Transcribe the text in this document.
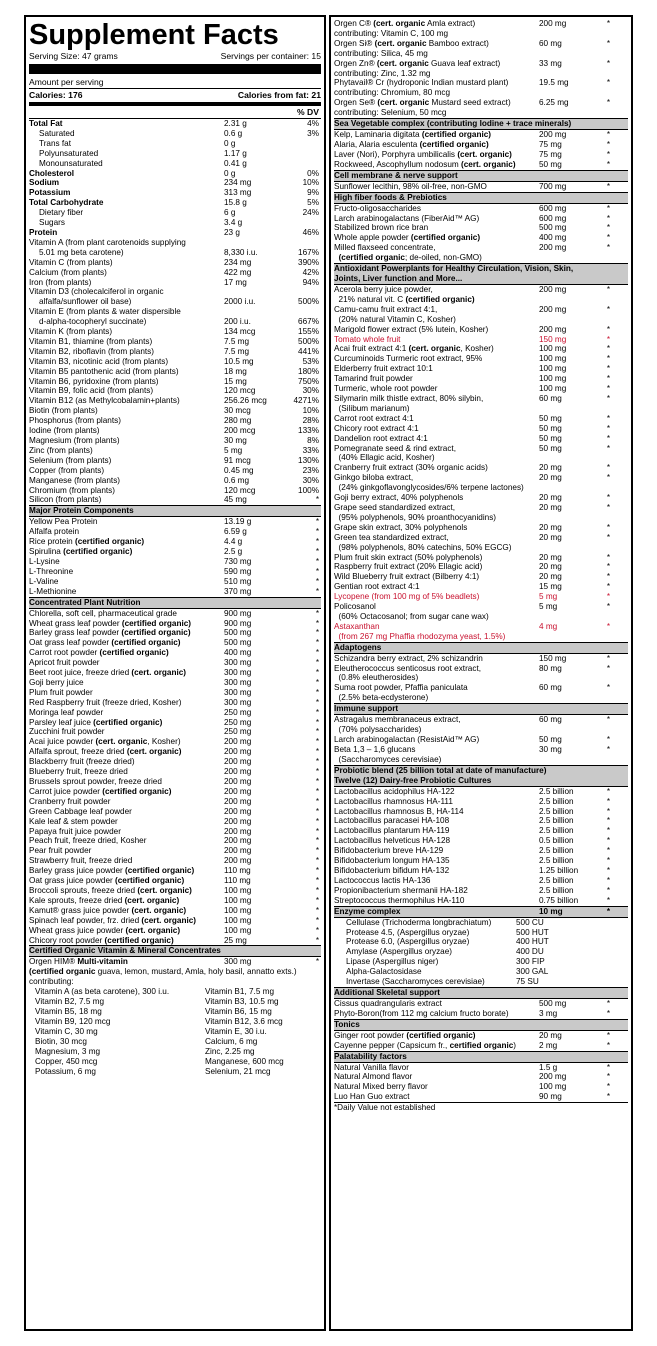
Supplement Facts
Serving Size: 47 grams	Servings per container: 15
Amount per serving
Calories: 176	Calories from fat: 21
% DV
Total Fat	2.31 g	4%
Saturated	0.6 g	3%
Trans fat	0 g
Polyunsaturated	1.17 g
Monounsaturated	0.41 g
Cholesterol	0 g	0%
Sodium	234 mg	10%
Potassium	313 mg	9%
Total Carbohydrate	15.8 g	5%
Dietary fiber	6 g	24%
Sugars	3.4 g
Protein	23 g	46%
Vitamin A (from plant carotenoids supplying
5.01 mg beta carotene)	8,330 i.u.	167%
Vitamin C (from plants)	234 mg	390%
Calcium (from plants)	422 mg	42%
Iron (from plants)	17 mg	94%
Vitamin D3 (cholecalciferol in organic
alfalfa/sunflower oil base)	2000 i.u.	500%
Vitamin E (from plants & water dispersible
d-alpha-tocopheryl succinate)	200 i.u.	667%
Vitamin K (from plants)	134 mcg	155%
Vitamin B1, thiamine (from plants)	7.5 mg	500%
Vitamin B2, riboflavin (from plants)	7.5 mg	441%
Vitamin B3, nicotinic acid (from plants)	10.5 mg	53%
Vitamin B5 pantothenic acid (from plants)	18 mg	180%
Vitamin B6, pyridoxine (from plants)	15 mg	750%
Vitamin B9, folic acid (from plants)	120 mcg	30%
Vitamin B12 (as Methylcobalamin+plants)	256.26 mcg	4271%
Biotin (from plants)	30 mcg	10%
Phosphorus (from plants)	280 mg	28%
Iodine (from plants)	200 mcg	133%
Magnesium (from plants)	30 mg	8%
Zinc (from plants)	5 mg	33%
Selenium (from plants)	91 mcg	130%
Copper (from plants)	0.45 mg	23%
Manganese (from plants)	0.6 mg	30%
Chromium (from plants)	120 mcg	100%
Silicon (from plants)	45 mg	*
Major Protein Components
Yellow Pea Protein	13.19 g	*
Alfalfa protein	6.59 g	*
Rice protein (certified organic)	4.4 g	*
Spirulina (certified organic)	2.5 g	*
L-Lysine	730 mg	*
L-Threonine	590 mg	*
L-Valine	510 mg	*
L-Methionine	370 mg	*
Concentrated Plant Nutrition
Chlorella, soft cell, pharmaceutical grade	900 mg	*
Wheat grass leaf powder (certified organic)	900 mg	*
Barley grass leaf powder (certified organic)	500 mg	*
Oat grass leaf powder (certified organic)	500 mg	*
Carrot root powder (certified organic)	400 mg	*
Apricot fruit powder	300 mg	*
Beet root juice, freeze dried (cert. organic)	300 mg	*
Goji berry juice	300 mg	*
Plum fruit powder	300 mg	*
Red Raspberry fruit (freeze dried, Kosher)	300 mg	*
Moringa leaf powder	250 mg	*
Parsley leaf juice (certified organic)	250 mg	*
Zucchini fruit powder	250 mg	*
Acai juice powder (cert. organic, Kosher)	200 mg	*
Alfalfa sprout, freeze dried (cert. organic)	200 mg	*
Blackberry fruit (freeze dried)	200 mg	*
Blueberry fruit, freeze dried	200 mg	*
Brussels sprout powder, freeze dried	200 mg	*
Carrot juice powder (certified organic)	200 mg	*
Cranberry fruit powder	200 mg	*
Green Cabbage leaf powder	200 mg	*
Kale leaf & stem powder	200 mg	*
Papaya fruit juice powder	200 mg	*
Peach fruit, freeze dried, Kosher	200 mg	*
Pear fruit powder	200 mg	*
Strawberry fruit, freeze dried	200 mg	*
Barley grass juice powder (certified organic)	110 mg	*
Oat grass juice powder (certified organic)	110 mg	*
Broccoli sprouts, freeze dried (cert. organic)	100 mg	*
Kale sprouts, freeze dried (cert. organic)	100 mg	*
Kamut® grass juice powder (cert. organic)	100 mg	*
Spinach leaf powder, frz. dried (cert. organic)	100 mg	*
Wheat grass juice powder (cert. organic)	100 mg	*
Chicory root powder (certified organic)	25 mg	*
Certified Organic Vitamin & Mineral Concentrates
Orgen HIM® Multi-vitamin	300 mg	*
(certified organic guava, lemon, mustard, Amla, holy basil, annatto exts.)
contributing:
Vitamin A (as beta carotene), 300 i.u.	Vitamin B1, 7.5 mg
Vitamin B2, 7.5 mg	Vitamin B3, 10.5 mg
Vitamin B5, 18 mg	Vitamin B6, 15 mg
Vitamin B9, 120 mcg	Vitamin B12, 3.6 mcg
Vitamin C, 30 mg	Vitamin E, 30 i.u.
Biotin, 30 mcg	Calcium, 6 mg
Magnesium, 3 mg	Zinc, 2.25 mg
Copper, 450 mcg	Manganese, 600 mcg
Potassium, 6 mg	Selenium, 21 mcg
Orgen C® (cert. organic Amla extract)	200 mg	*
contributing: Vitamin C, 100 mg
Orgen Si® (cert. organic Bamboo extract)	60 mg	*
contributing: Silica, 45 mg
Orgen Zn® (cert. organic Guava leaf extract)	33 mg	*
contributing: Zinc, 1.32 mg
Phytavail® Cr (hydroponic Indian mustard plant)	19.5 mg	*
contributing: Chromium, 80 mcg
Orgen Se® (cert. organic Mustard seed extract)	6.25 mg	*
contributing: Selenium, 50 mcg
Sea Vegetable complex (contributing Iodine + trace minerals)
Kelp, Laminaria digitata (certified organic)	200 mg	*
Alaria, Alaria esculenta (certified organic)	75 mg	*
Laver (Nori), Porphyra umbilicalis (cert. organic)	75 mg	*
Rockweed, Ascophyllum nodosum (cert. organic)	50 mg	*
Cell membrane & nerve support
Sunflower lecithin, 98% oil-free, non-GMO	700 mg	*
High fiber foods & Prebiotics
Fructo-oligosaccharides	600 mg	*
Larch arabinogalactans (FiberAid™ AG)	600 mg	*
Stabilized brown rice bran	500 mg	*
Whole apple powder (certified organic)	400 mg	*
Milled flaxseed concentrate,	200 mg	*
(certified organic; de-oiled, non-GMO)
Antioxidant Powerplants for Healthy Circulation, Vision, Skin,
Joints, Liver function and More...
Acerola berry juice powder,	200 mg	*
21% natural vit. C (certified organic)
Camu-camu fruit extract 4:1,	200 mg	*
(20% natural Vitamin C, Kosher)
Marigold flower extract (5% lutein, Kosher)	200 mg	*
Tomato whole fruit	150 mg	*
Acai fruit extract 4:1 (cert. organic, Kosher)	100 mg	*
Curcuminoids Turmeric root extract, 95%	100 mg	*
Elderberry fruit extract 10:1	100 mg	*
Tamarind fruit powder	100 mg	*
Turmeric, whole root powder	100 mg	*
Silymarin milk thistle extract, 80% silybin,	60 mg	*
(Silibum marianum)
Carrot root extract 4:1	50 mg	*
Chicory root extract 4:1	50 mg	*
Dandelion root extract 4:1	50 mg	*
Pomegranate seed & rind extract,	50 mg	*
(40% Ellagic acid, Kosher)
Cranberry fruit extract (30% organic acids)	20 mg	*
Ginkgo biloba extract,	20 mg	*
(24% ginkgoflavonglycosides/6% terpene lactones)
Goji berry extract, 40% polyphenols	20 mg	*
Grape seed standardized extract,	20 mg	*
(95% polyphenols, 90% proanthocyanidins)
Grape skin extract, 30% polyphenols	20 mg	*
Green tea standardized extract,	20 mg	*
(98% polyphenols, 80% catechins, 50% EGCG)
Plum fruit skin extract (50% polyphenols)	20 mg	*
Raspberry fruit extract (20% Ellagic acid)	20 mg	*
Wild Blueberry fruit extract (Bilberry 4:1)	20 mg	*
Gentian root extract 4:1	15 mg	*
Lycopene (from 100 mg of 5% beadlets)	5 mg	*
Policosanol	5 mg	*
(60% Octacosanol; from sugar cane wax)
Astaxanthan	4 mg	*
(from 267 mg Phaffia rhodozyma yeast, 1.5%)
Adaptogens
Schizandra berry extract, 2% schizandrin	150 mg	*
Eleutherococcus senticosus root extract,	80 mg	*
(0.8% eleutherosides)
Suma root powder, Pfaffia paniculata	60 mg	*
(2.5% beta-ecdysterone)
Immune support
Astragalus membranaceus extract,	60 mg	*
(70% polysaccharides)
Larch arabinogalactan (ResistAid™ AG)	50 mg	*
Beta 1,3 – 1,6 glucans	30 mg	*
(Saccharomyces cerevisiae)
Probiotic blend (25 billion total at date of manufacture)
Twelve (12) Dairy-free Probiotic Cultures
Lactobacillus acidophilus HA-122	2.5 billion	*
Lactobacillus rhamnosus HA-111	2.5 billion	*
Lactobacillus rhamnosus B, HA-114	2.5 billion	*
Lactobacillus paracasei HA-108	2.5 billion	*
Lactobacillus plantarum HA-119	2.5 billion	*
Lactobacillus helveticus HA-128	0.5 billion	*
Bifidobacterium breve HA-129	2.5 billion	*
Bifidobacterium longum HA-135	2.5 billion	*
Bifidobacterium bifidum HA-132	1.25 billion	*
Lactococcus lactis HA-136	2.5 billion	*
Propionibacterium shermanii HA-182	2.5 billion	*
Streptococcus thermophilus HA-110	0.75 billion	*
Enzyme complex	10 mg	*
Cellulase (Trichoderma longbrachiatum)	500 CU
Protease 4.5, (Aspergillus oryzae)	500 HUT
Protease 6.0, (Aspergillus oryzae)	400 HUT
Amylase (Aspergillus oryzae)	400 DU
Lipase (Aspergillus niger)	300 FIP
Alpha-Galactosidase	300 GAL
Invertase (Saccharomyces cerevisiae)	75 SU
Additional Skeletal support
Cissus quadrangularis extract	500 mg	*
Phyto-Boron(from 112 mg calcium fructo borate)	3 mg	*
Tonics
Ginger root powder (certified organic)	20 mg	*
Cayenne pepper (Capsicum fr., certified organic)	2 mg	*
Palatability factors
Natural Vanilla flavor	1.5 g	*
Natural Almond flavor	200 mg	*
Natural Mixed berry flavor	100 mg	*
Luo Han Guo extract	90 mg	*
*Daily Value not established
